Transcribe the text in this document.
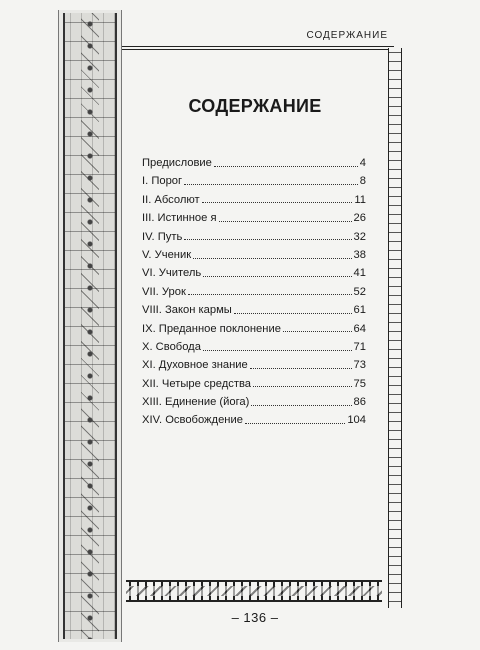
СОДЕРЖАНИЕ
СОДЕРЖАНИЕ
Предисловие	4
I. Порог	8
II. Абсолют	11
III. Истинное я	26
IV. Путь	32
V. Ученик	38
VI. Учитель	41
VII. Урок	52
VIII. Закон кармы	61
IX. Преданное поклонение	64
X. Свобода	71
XI. Духовное знание	73
XII. Четыре средства	75
XIII. Единение (йога)	86
XIV. Освобождение	104
– 136 –
